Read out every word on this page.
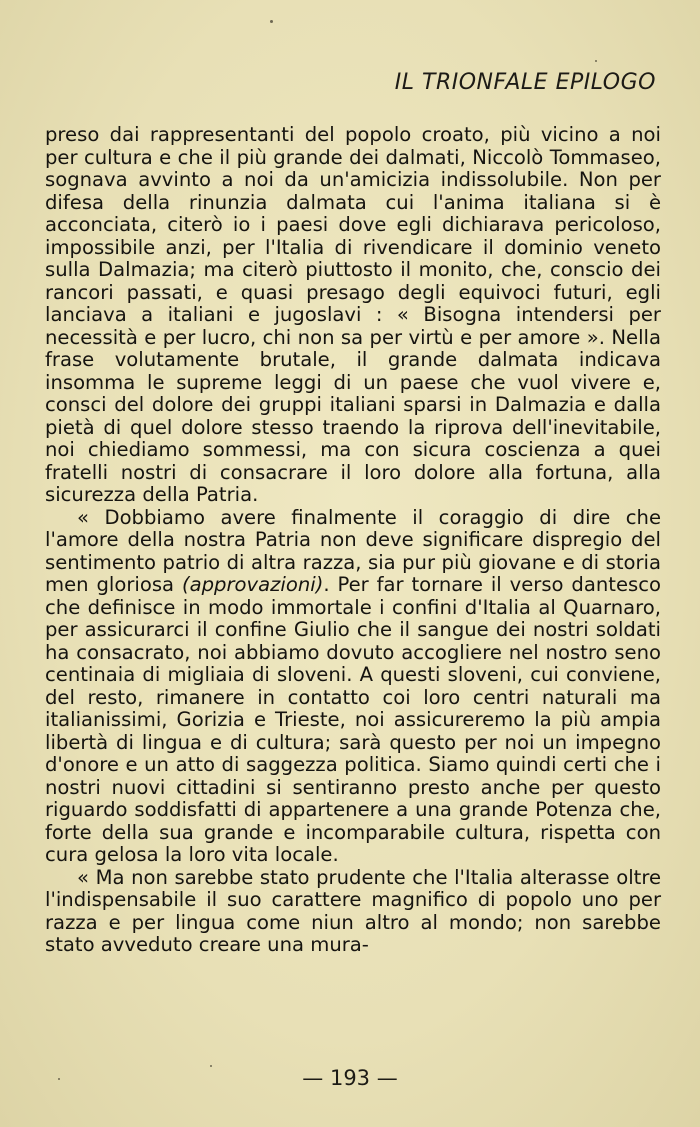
IL TRIONFALE EPILOGO

preso dai rappresentanti del popolo croato, più vicino a noi per cultura e che il più grande dei dalmati, Niccolò Tommaseo, sognava avvinto a noi da un'amicizia indissolubile. Non per difesa della rinunzia dalmata cui l'anima italiana si è acconciata, citerò io i paesi dove egli dichiarava pericoloso, impossibile anzi, per l'Italia di rivendicare il dominio veneto sulla Dalmazia; ma citerò piuttosto il monito, che, conscio dei rancori passati, e quasi presago degli equivoci futuri, egli lanciava a italiani e jugoslavi : « Bisogna intendersi per necessità e per lucro, chi non sa per virtù e per amore ». Nella frase volutamente brutale, il grande dalmata indicava insomma le supreme leggi di un paese che vuol vivere e, consci del dolore dei gruppi italiani sparsi in Dalmazia e dalla pietà di quel dolore stesso traendo la riprova dell'inevitabile, noi chiediamo sommessi, ma con sicura coscienza a quei fratelli nostri di consacrare il loro dolore alla fortuna, alla sicurezza della Patria.

« Dobbiamo avere finalmente il coraggio di dire che l'amore della nostra Patria non deve significare dispregio del sentimento patrio di altra razza, sia pur più giovane e di storia men gloriosa (approvazioni). Per far tornare il verso dantesco che definisce in modo immortale i confini d'Italia al Quarnaro, per assicurarci il confine Giulio che il sangue dei nostri soldati ha consacrato, noi abbiamo dovuto accogliere nel nostro seno centinaia di migliaia di sloveni. A questi sloveni, cui conviene, del resto, rimanere in contatto coi loro centri naturali ma italianissimi, Gorizia e Trieste, noi assicureremo la più ampia libertà di lingua e di cultura; sarà questo per noi un impegno d'onore e un atto di saggezza politica. Siamo quindi certi che i nostri nuovi cittadini si sentiranno presto anche per questo riguardo soddisfatti di appartenere a una grande Potenza che, forte della sua grande e incomparabile cultura, rispetta con cura gelosa la loro vita locale.

« Ma non sarebbe stato prudente che l'Italia alterasse oltre l'indispensabile il suo carattere magnifico di popolo uno per razza e per lingua come niun altro al mondo; non sarebbe stato avveduto creare una mura-

— 193 —
